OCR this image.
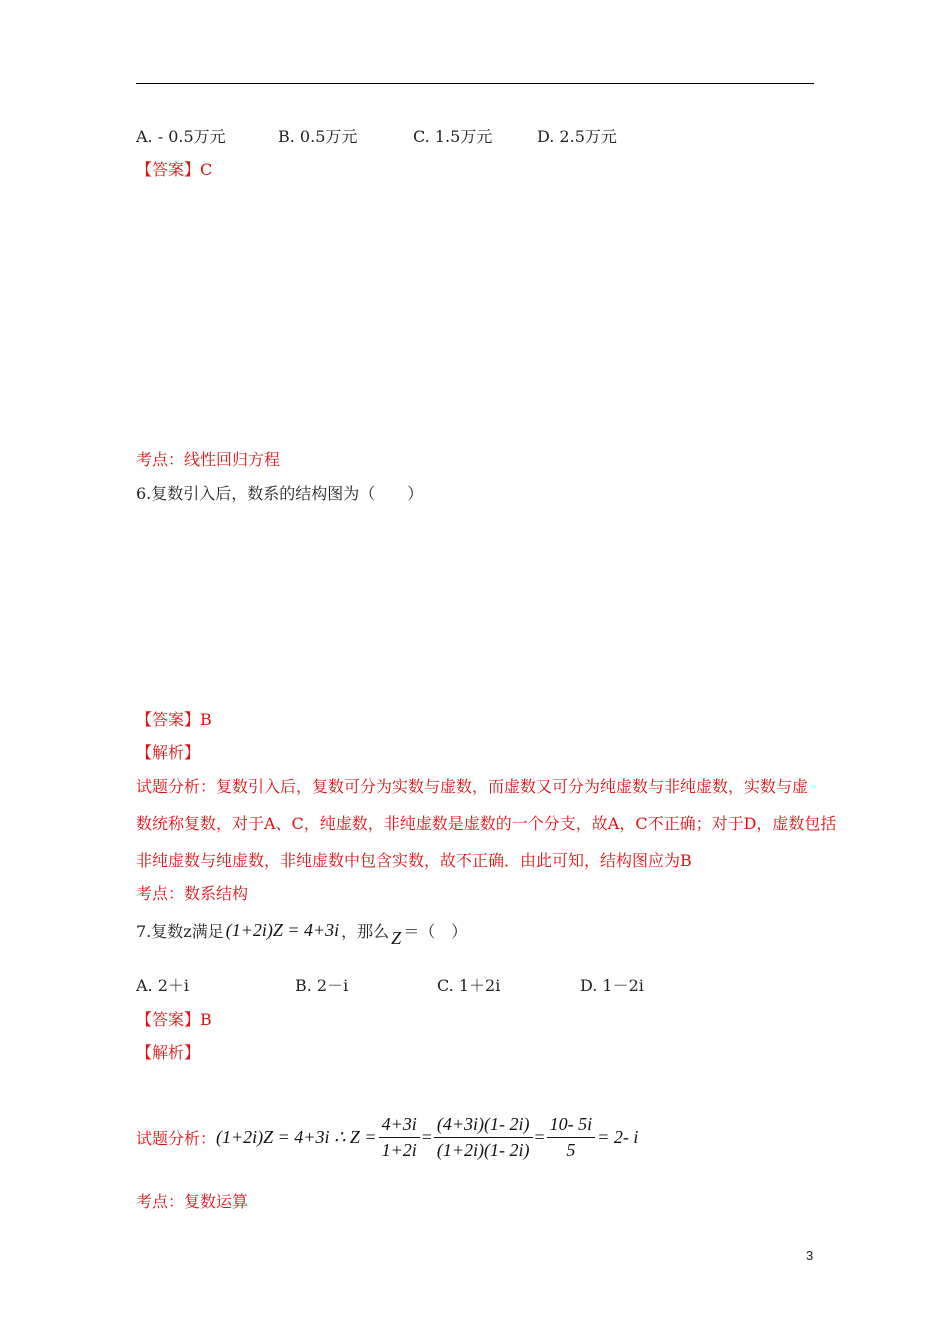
A. - 0.5万元	B. 0.5万元	C. 1.5万元	D. 2.5万元
【答案】C
考点：线性回归方程
6.复数引入后，数系的结构图为（　　）
【答案】B
【解析】
试题分析：复数引入后，复数可分为实数与虚数，而虚数又可分为纯虚数与非纯虚数，实数与虚
数统称复数，对于A、C，纯虚数，非纯虚数是虚数的一个分支，故A，C不正确；对于D，虚数包括
非纯虚数与纯虚数，非纯虚数中包含实数，故不正确．由此可知，结构图应为B
考点：数系结构
7.复数z满足 (1+2i)Z = 4+3i ，那么 Z ＝（　）
A. 2＋i	B. 2－i	C. 1＋2i	D. 1－2i
【答案】B
【解析】
试题分析： (1+2i)Z = 4+3i ∴ $Z = \frac{4+3i}{1+2i} = \frac{(4+3i)(1- 2i)}{(1+2i)(1- 2i)} = \frac{10- 5i}{5} = 2-$ i
考点：复数运算
3
